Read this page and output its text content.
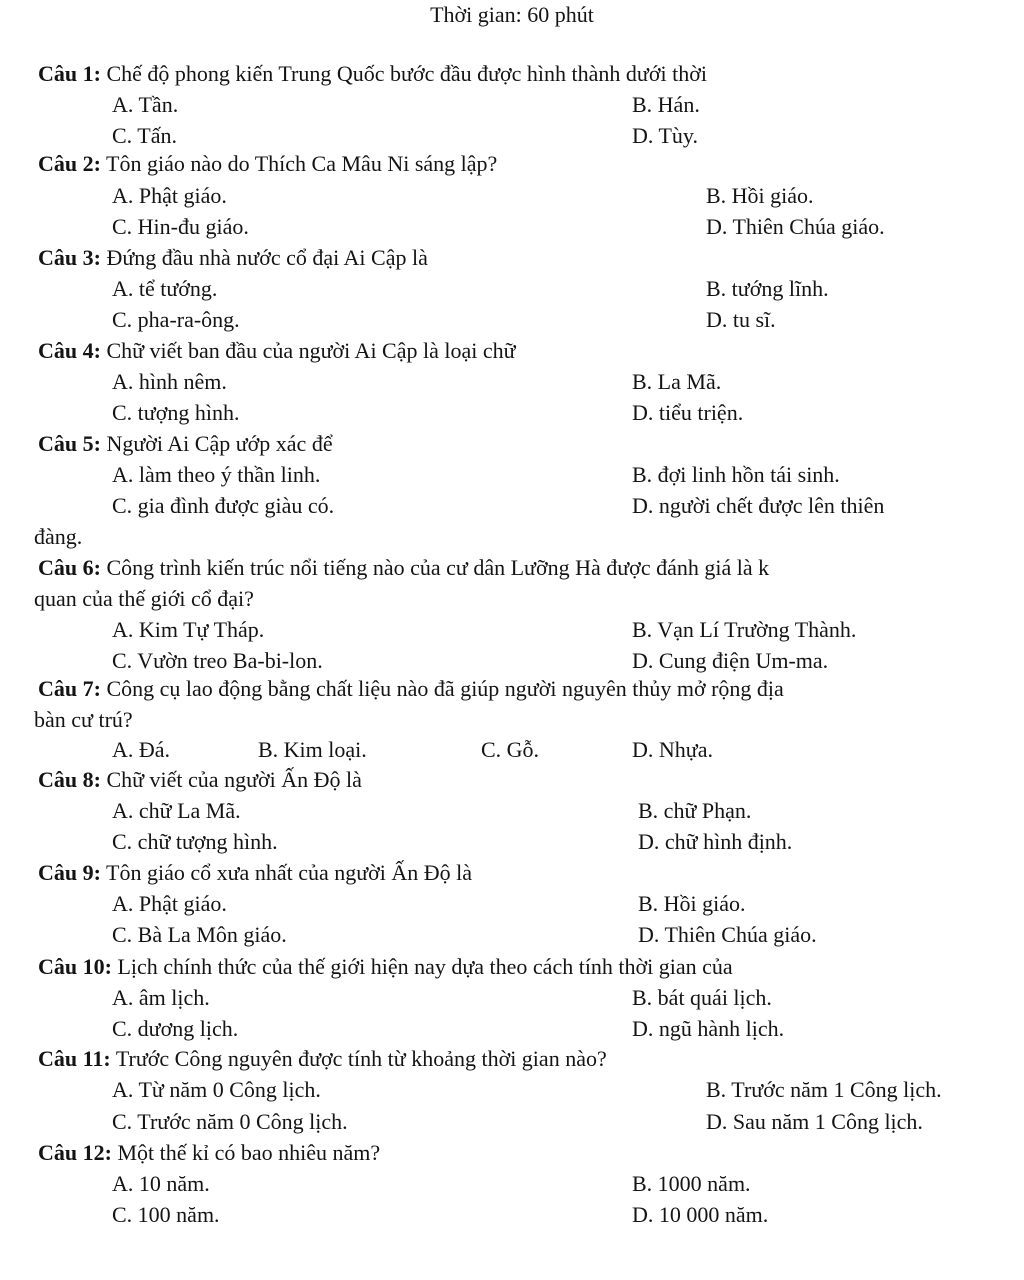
Thời gian: 60 phút
Câu 1: Chế độ phong kiến Trung Quốc bước đầu được hình thành dưới thời
A. Tần.	B. Hán.
C. Tấn.	D. Tùy.
Câu 2: Tôn giáo nào do Thích Ca Mâu Ni sáng lập?
A. Phật giáo.	B. Hồi giáo.
C. Hin-đu giáo.	D. Thiên Chúa giáo.
Câu 3: Đứng đầu nhà nước cổ đại Ai Cập là
A. tể tướng.	B. tướng lĩnh.
C. pha-ra-ông.	D. tu sĩ.
Câu 4: Chữ viết ban đầu của người Ai Cập là loại chữ
A. hình nêm.	B. La Mã.
C. tượng hình.	D. tiểu triện.
Câu 5: Người Ai Cập ướp xác để
A. làm theo ý thần linh.	B. đợi linh hồn tái sinh.
C. gia đình được giàu có.	D. người chết được lên thiên
đàng.
Câu 6: Công trình kiến trúc nổi tiếng nào của cư dân Lưỡng Hà được đánh giá là k
quan của thế giới cổ đại?
A. Kim Tự Tháp.	B. Vạn Lí Trường Thành.
C. Vườn treo Ba-bi-lon.	D. Cung điện Um-ma.
Câu 7: Công cụ lao động bằng chất liệu nào đã giúp người nguyên thủy mở rộng địa
bàn cư trú?
A. Đá.	B. Kim loại.	C. Gỗ.	D. Nhựa.
Câu 8: Chữ viết của người Ấn Độ là
A. chữ La Mã.	B. chữ Phạn.
C. chữ tượng hình.	D. chữ hình định.
Câu 9: Tôn giáo cổ xưa nhất của người Ấn Độ là
A. Phật giáo.	B. Hồi giáo.
C. Bà La Môn giáo.	D. Thiên Chúa giáo.
Câu 10: Lịch chính thức của thế giới hiện nay dựa theo cách tính thời gian của
A. âm lịch.	B. bát quái lịch.
C. dương lịch.	D. ngũ hành lịch.
Câu 11: Trước Công nguyên được tính từ khoảng thời gian nào?
A. Từ năm 0 Công lịch.	B. Trước năm 1 Công lịch.
C. Trước năm 0 Công lịch.	D. Sau năm 1 Công lịch.
Câu 12: Một thế kỉ có bao nhiêu năm?
A. 10 năm.	B. 1000 năm.
C. 100 năm.	D. 10 000 năm.
